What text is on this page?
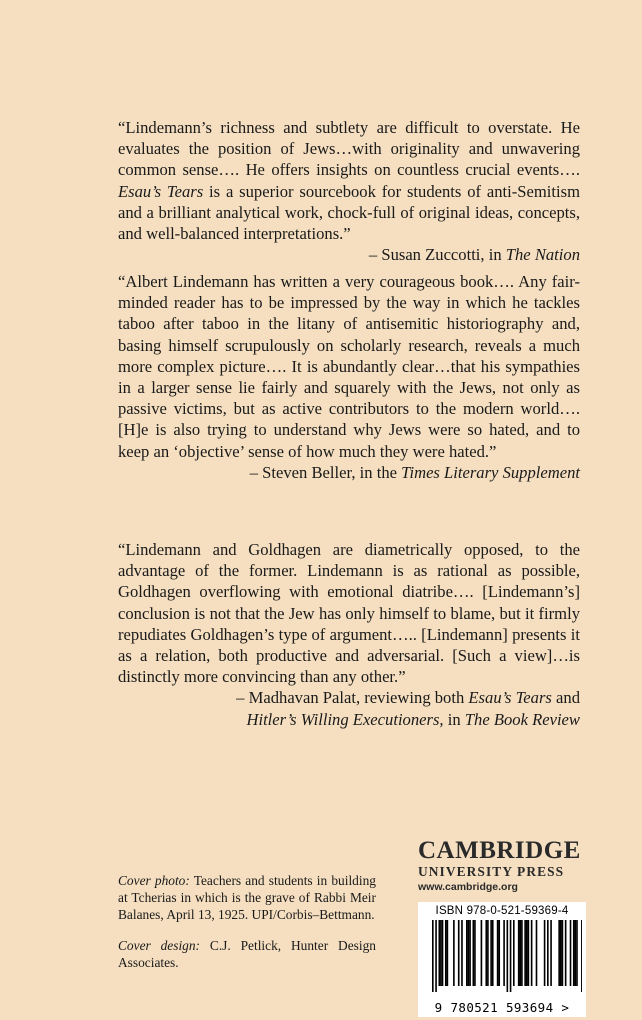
“Lindemann’s richness and subtlety are difficult to overstate. He evaluates the position of Jews…with originality and unwavering common sense…. He offers insights on countless crucial events…. Esau’s Tears is a superior sourcebook for students of anti-Semitism and a brilliant analytical work, chock-full of original ideas, concepts, and well-balanced interpretations.”

– Susan Zuccotti, in The Nation

“Albert Lindemann has written a very courageous book…. Any fair-minded reader has to be impressed by the way in which he tackles taboo after taboo in the litany of antisemitic historiography and, basing himself scrupulously on scholarly research, reveals a much more complex picture…. It is abundantly clear…that his sympathies in a larger sense lie fairly and squarely with the Jews, not only as passive victims, but as active contributors to the modern world…. [H]e is also trying to understand why Jews were so hated, and to keep an ‘objective’ sense of how much they were hated.”

– Steven Beller, in the Times Literary Supplement

“Lindemann and Goldhagen are diametrically opposed, to the advantage of the former. Lindemann is as rational as possible, Goldhagen overflowing with emotional diatribe…. [Lindemann’s] conclusion is not that the Jew has only himself to blame, but it firmly repudiates Goldhagen’s type of argument….. [Lindemann] presents it as a relation, both productive and adversarial. [Such a view]…is distinctly more convincing than any other.”

– Madhavan Palat, reviewing both Esau’s Tears and
Hitler’s Willing Executioners, in The Book Review

Cover photo: Teachers and students in building at Tcherias in which is the grave of Rabbi Meir Balanes, April 13, 1925. UPI/Corbis–Bettmann.

Cover design: C.J. Petlick, Hunter Design Associates.

CAMBRIDGE
UNIVERSITY PRESS
www.cambridge.org
ISBN 978-0-521-59369-4
9 780521 593694 >
